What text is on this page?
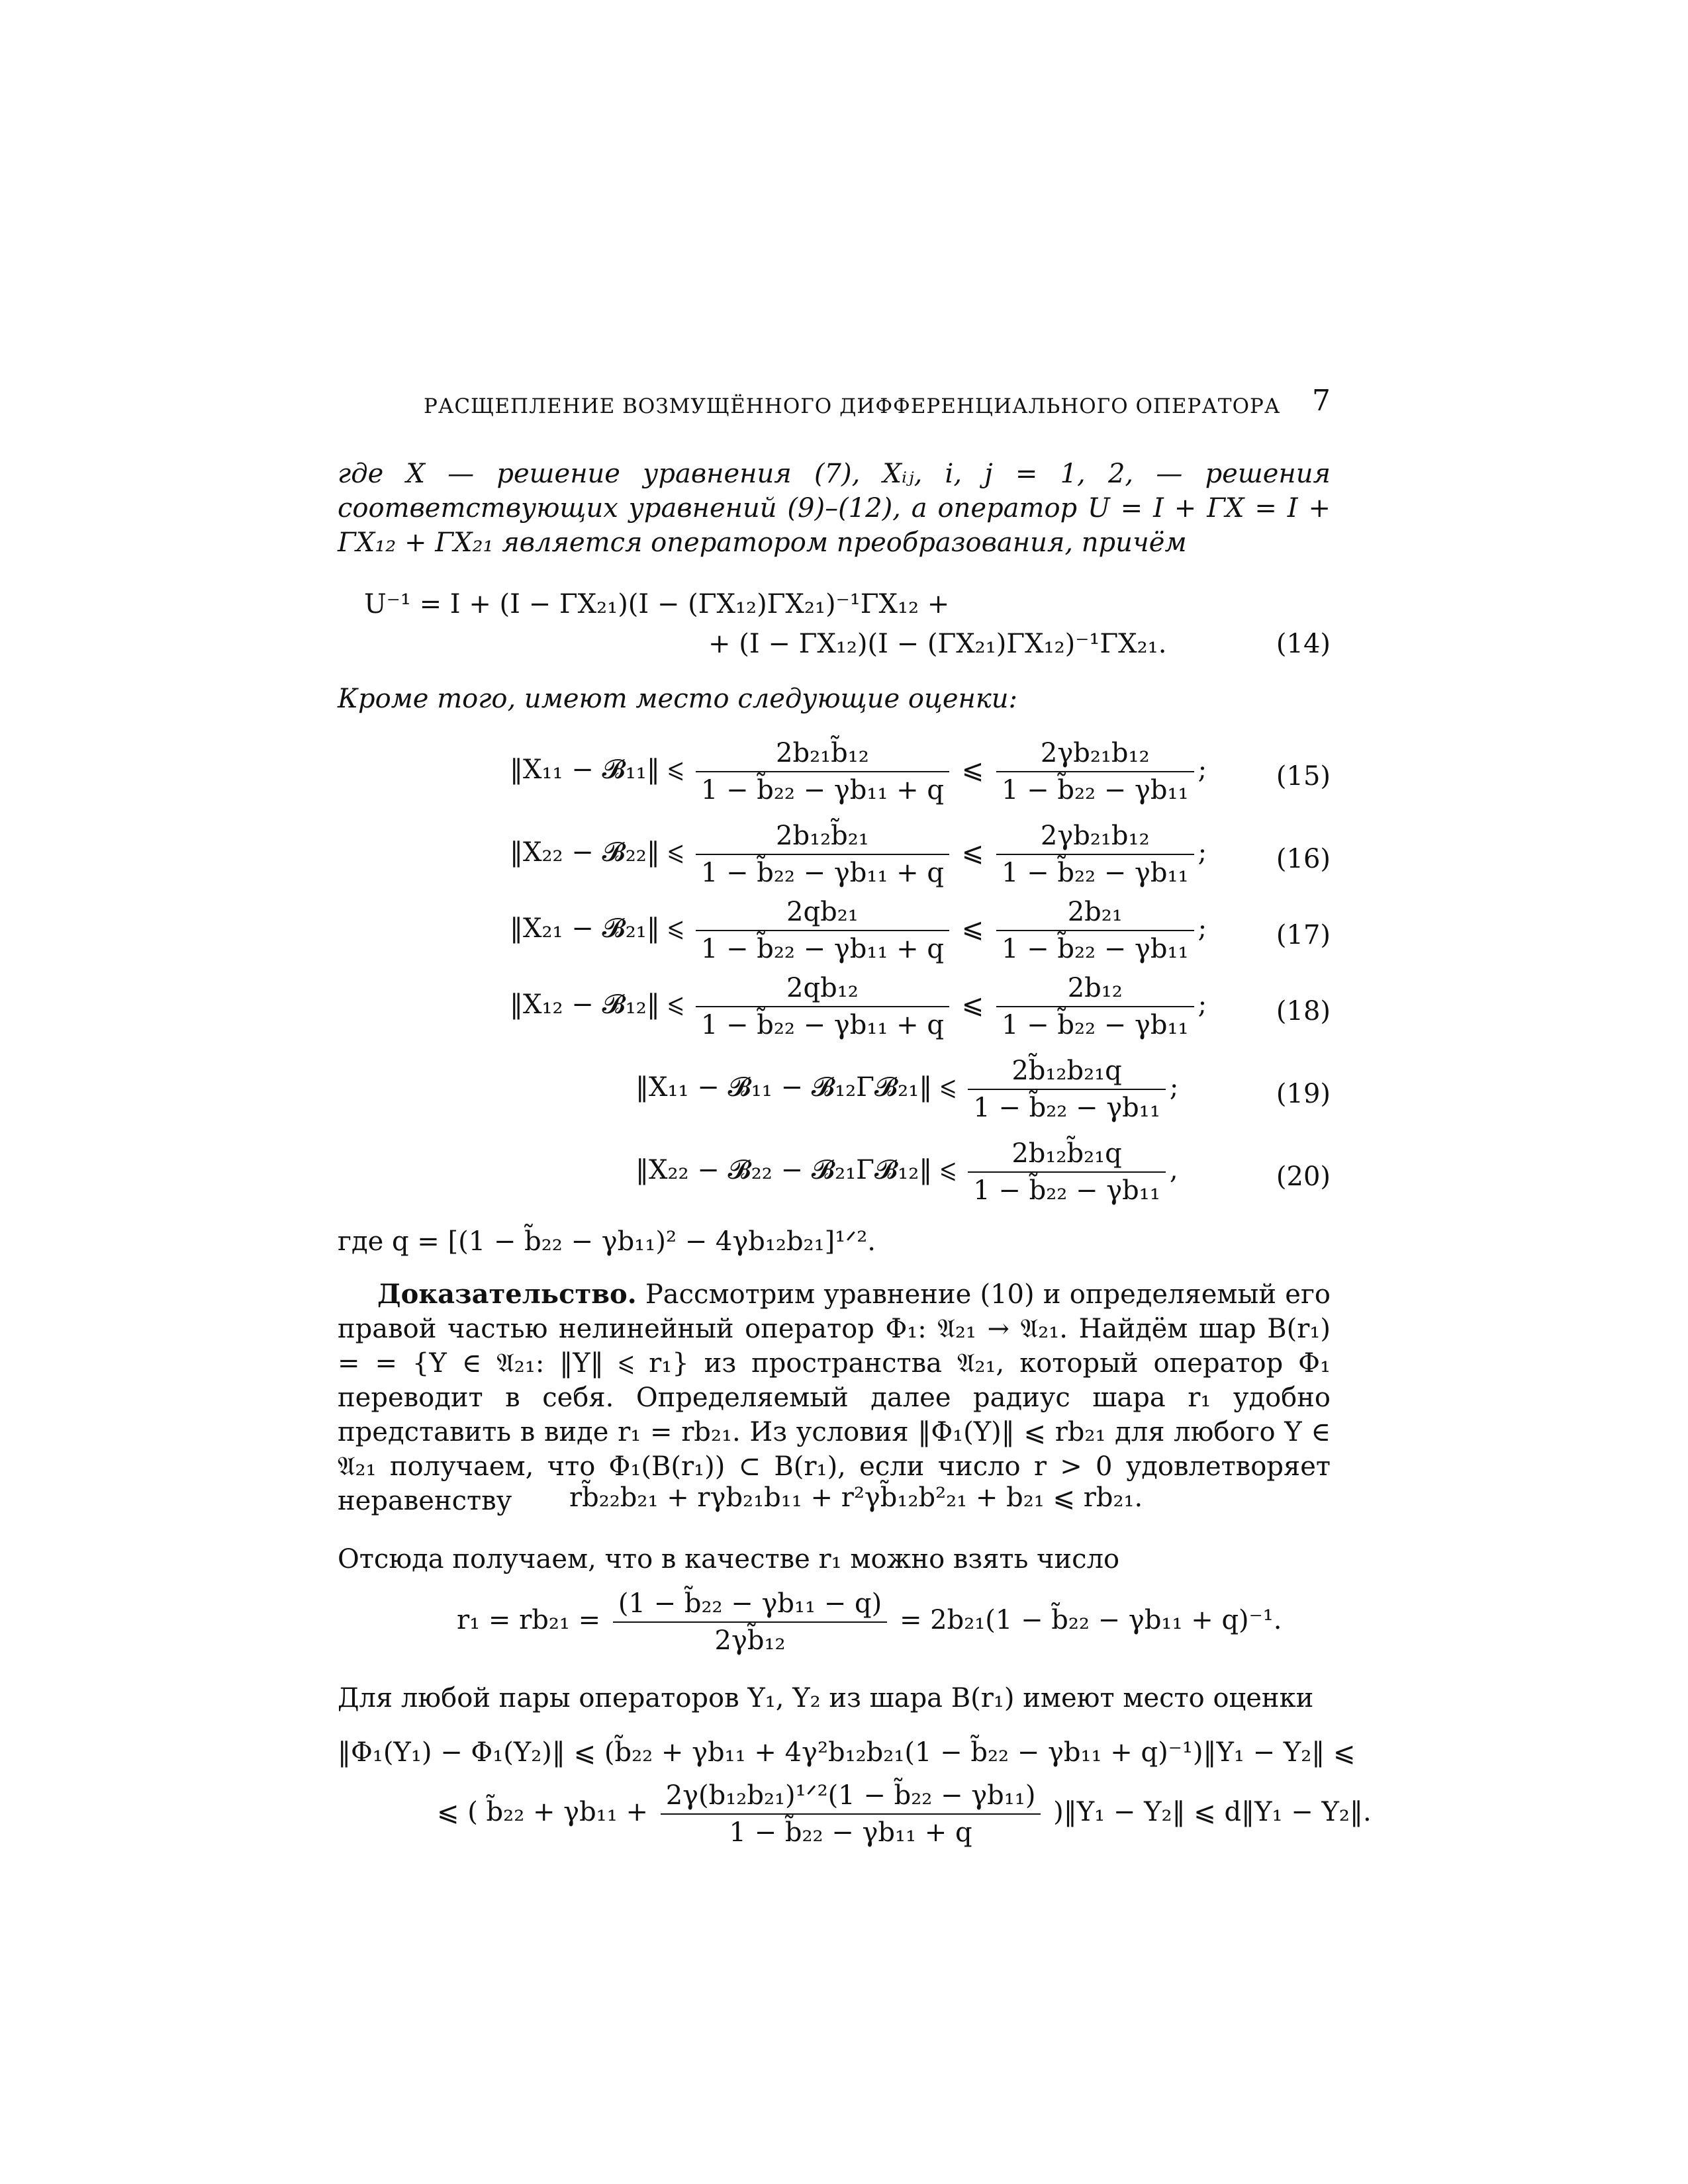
РАСЩЕПЛЕНИЕ ВОЗМУЩЁННОГО ДИФФЕРЕНЦИАЛЬНОГО ОПЕРАТОРА 7
где X — решение уравнения (7), Xᵢⱼ, i, j = 1, 2, — решения соответствующих уравнений (9)–(12), а оператор U = I + ΓX = I + ΓX₁₂ + ΓX₂₁ является оператором преобразования, причём
U⁻¹ = I + (I − ΓX₂₁)(I − (ΓX₁₂)ΓX₂₁)⁻¹ΓX₁₂ +
+ (I − ΓX₁₂)(I − (ΓX₂₁)ΓX₁₂)⁻¹ΓX₂₁.	(14)
Кроме того, имеют место следующие оценки:
‖X₁₁ − 𝓑₁₁‖ ⩽ $\frac{\text{2b₂₁b̃₁₂}}{\text{1 − b̃₂₂ − γb₁₁ + q}}$ ⩽ $\frac{\text{2γb₂₁b₁₂}}{\text{1 − b̃₂₂ − γb₁₁}}$ ;	(15)
‖X₂₂ − 𝓑₂₂‖ ⩽ $\frac{\text{2b₁₂b̃₂₁}}{\text{1 − b̃₂₂ − γb₁₁ + q}}$ ⩽ $\frac{\text{2γb₂₁b₁₂}}{\text{1 − b̃₂₂ − γb₁₁}}$ ;	(16)
‖X₂₁ − 𝓑₂₁‖ ⩽ $\frac{\text{2qb₂₁}}{\text{1 − b̃₂₂ − γb₁₁ + q}}$ ⩽ $\frac{\text{2b₂₁}}{\text{1 − b̃₂₂ − γb₁₁}}$ ;	(17)
‖X₁₂ − 𝓑₁₂‖ ⩽ $\frac{\text{2qb₁₂}}{\text{1 − b̃₂₂ − γb₁₁ + q}}$ ⩽ $\frac{\text{2b₁₂}}{\text{1 − b̃₂₂ − γb₁₁}}$ ;	(18)
‖X₁₁ − 𝓑₁₁ − 𝓑₁₂Γ𝓑₂₁‖ ⩽ $\frac{\text{2b̃₁₂b₂₁q}}{\text{1 − b̃₂₂ − γb₁₁}}$ ;	(19)
‖X₂₂ − 𝓑₂₂ − 𝓑₂₁Γ𝓑₁₂‖ ⩽ $\frac{\text{2b₁₂b̃₂₁q}}{\text{1 − b̃₂₂ − γb₁₁}}$ ,	(20)
где q = [(1 − b̃₂₂ − γb₁₁)² − 4γb₁₂b₂₁]¹ᐟ².
Доказательство. Рассмотрим уравнение (10) и определяемый его правой частью нелинейный оператор Φ₁: 𝔄₂₁ → 𝔄₂₁. Найдём шар B(r₁) = = {Y ∈ 𝔄₂₁: ‖Y‖ ⩽ r₁} из пространства 𝔄₂₁, который оператор Φ₁ переводит в себя. Определяемый далее радиус шара r₁ удобно представить в виде r₁ = rb₂₁. Из условия ‖Φ₁(Y)‖ ⩽ rb₂₁ для любого Y ∈ 𝔄₂₁ получаем, что Φ₁(B(r₁)) ⊂ B(r₁), если число r > 0 удовлетворяет неравенству	rb̃₂₂b₂₁ + rγb₂₁b₁₁ + r²γb̃₁₂b²₂₁ + b₂₁ ⩽ rb₂₁.
Отсюда получаем, что в качестве r₁ можно взять число
$r_1 = rb_{21} = \frac{\text{(1 − b̃₂₂ − γb₁₁ − q)}}{\text{2γb̃₁₂}} = 2b_{21}(1$ − b̃₂₂ − γb₁₁ + q)⁻¹.
Для любой пары операторов Y₁, Y₂ из шара B(r₁) имеют место оценки
‖Φ₁(Y₁) − Φ₁(Y₂)‖ ⩽ (b̃₂₂ + γb₁₁ + 4γ²b₁₂b₂₁(1 − b̃₂₂ − γb₁₁ + q)⁻¹)‖Y₁ − Y₂‖ ⩽
⩽ ( b̃₂₂ + $\gamma b_{11} + \frac{\text{2γ(b₁₂b₂₁)¹ᐟ²(1 − b̃₂₂ − γb₁₁)}}{\text{1 − b̃₂₂ − γb₁₁ + q}}$ )‖Y₁ − Y₂‖ ⩽ d‖Y₁ − Y₂‖.
